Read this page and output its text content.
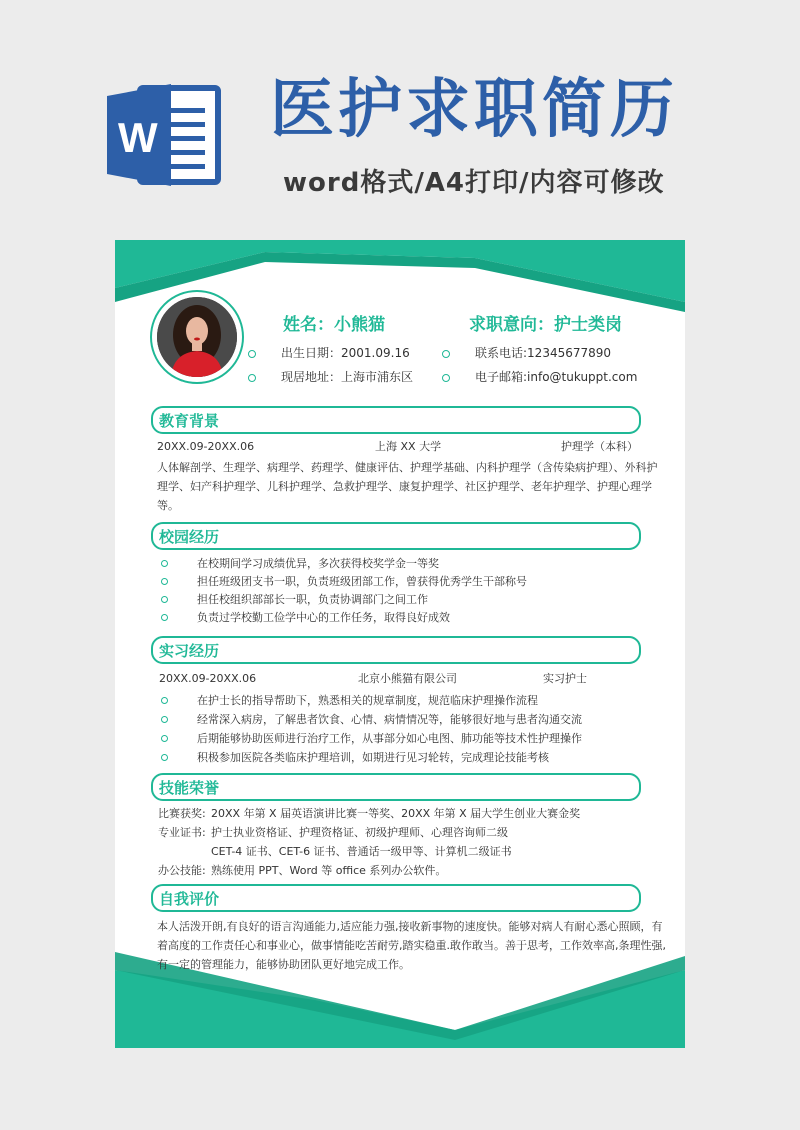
W 医护求职简历
word格式/A4打印/内容可修改
姓名：小熊猫	求职意向：护士类岗
出生日期：2001.09.16	联系电话:12345677890
现居地址：上海市浦东区	电子邮箱:info@tukuppt.com
教育背景
20XX.09-20XX.06	上海 XX 大学	护理学（本科）
人体解剖学、生理学、病理学、药理学、健康评估、护理学基础、内科护理学（含传染病护理）、外科护
理学、妇产科护理学、儿科护理学、急救护理学、康复护理学、社区护理学、老年护理学、护理心理学
等。
校园经历
在校期间学习成绩优异，多次获得校奖学金一等奖
担任班级团支书一职，负责班级团部工作，曾获得优秀学生干部称号
担任校组织部部长一职，负责协调部门之间工作
负责过学校勤工俭学中心的工作任务，取得良好成效
实习经历
20XX.09-20XX.06	北京小熊猫有限公司	实习护士
在护士长的指导帮助下，熟悉相关的规章制度，规范临床护理操作流程
经常深入病房，了解患者饮食、心情、病情情况等，能够很好地与患者沟通交流
后期能够协助医师进行治疗工作，从事部分如心电图、肺功能等技术性护理操作
积极参加医院各类临床护理培训，如期进行见习轮转，完成理论技能考核
技能荣誉
比赛获奖: 20XX 年第 X 届英语演讲比赛一等奖、20XX 年第 X 届大学生创业大赛金奖
专业证书: 护士执业资格证、护理资格证、初级护理师、心理咨询师二级
CET-4 证书、CET-6 证书、普通话一级甲等、计算机二级证书
办公技能: 熟练使用 PPT、Word 等 office 系列办公软件。
自我评价
本人活泼开朗,有良好的语言沟通能力,适应能力强,接收新事物的速度快。能够对病人有耐心悉心照顾，有
着高度的工作责任心和事业心，做事情能吃苦耐劳,踏实稳重.敢作敢当。善于思考，工作效率高,条理性强,
有一定的管理能力，能够协助团队更好地完成工作。
